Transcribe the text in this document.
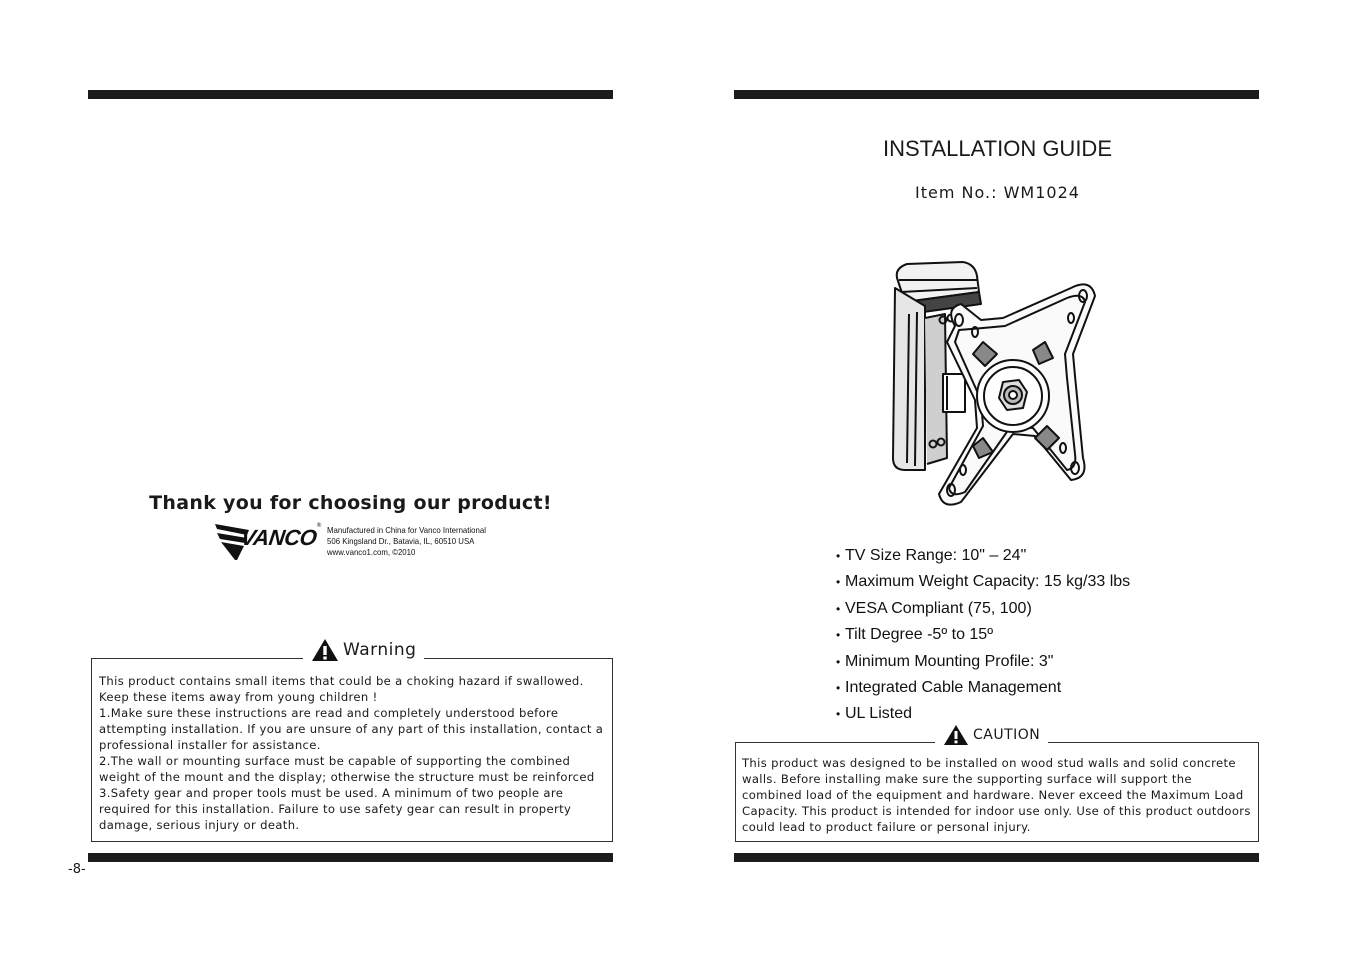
Thank you for choosing our product!
VANCO
® Manufactured in China for Vanco International
506 Kingsland Dr., Batavia, IL, 60510 USA
www.vanco1.com, ©2010
This product contains small items that could be a choking hazard if swallowed. Keep these items away from young children !
1.Make sure these instructions are read and completely understood before attempting installation. If you are unsure of any part of this installation, contact a professional installer for assistance.
2.The wall or mounting surface must be capable of supporting the combined weight of the mount and the display; otherwise the structure must be reinforced
3.Safety gear and proper tools must be used. A minimum of two people are required for this installation. Failure to use safety gear can result in property damage, serious injury or death.
Warning
-8-
INSTALLATION GUIDE
Item No.: WM1024
• TV Size Range: 10" – 24"
• Maximum Weight Capacity: 15 kg/33 lbs
• VESA Compliant (75, 100)
• Tilt Degree -5º to 15º
• Minimum Mounting Profile: 3"
• Integrated Cable Management
• UL Listed
This product was designed to be installed on wood stud walls and solid concrete walls. Before installing make sure the supporting surface will support the combined load of the equipment and hardware. Never exceed the Maximum Load Capacity. This product is intended for indoor use only. Use of this product outdoors could lead to product failure or personal injury.
CAUTION
